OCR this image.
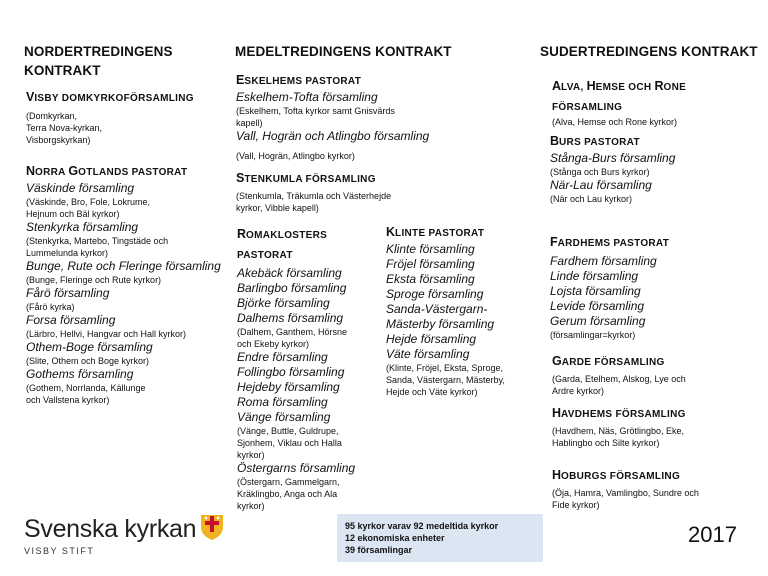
NORDERTREDINGENS
KONTRAKT
MEDELTREDINGENS KONTRAKT	SUDERTREDINGENS KONTRAKT
VISBY DOMKYRKOFÖRSAMLING
(Domkyrkan,
Terra Nova-kyrkan,
Visborgskyrkan)
NORRA GOTLANDS PASTORAT
Väskinde församling
(Väskinde, Bro, Fole, Lokrume,
Hejnum och Bäl kyrkor)
Stenkyrka församling
(Stenkyrka, Martebo, Tingstäde och
Lummelunda kyrkor)
Bunge, Rute och Fleringe församling
(Bunge, Fleringe och Rute kyrkor)
Fårö församling
(Fårö kyrka)
Forsa församling
(Lärbro, Hellvi, Hangvar och Hall kyrkor)
Othem-Boge församling
(Slite, Othem och Boge kyrkor)
Gothems församling
(Gothem, Norrlanda, Källunge
och Vallstena kyrkor)
ESKELHEMS PASTORAT
Eskelhem-Tofta församling
(Eskelhem, Tofta kyrkor samt Gnisvärds
kapell)
Vall, Hogrän och Atlingbo församling
(Vall, Hogrän, Atlingbo kyrkor)
STENKUMLA FÖRSAMLING
(Stenkumla, Träkumla och Västerhejde
kyrkor, Vibble kapell)
ROMAKLOSTERS
PASTORAT
Akebäck församling
Barlingbo församling
Björke församling
Dalhems församling
(Dalhem, Ganthem, Hörsne
och Ekeby kyrkor)
Endre församling
Follingbo församling
Hejdeby församling
Roma församling
Vänge församling
(Vänge, Buttle, Guldrupe,
Sjonhem, Viklau och Halla
kyrkor)
Östergarns församling
(Östergarn, Gammelgarn,
Kräklingbo, Anga och Ala
kyrkor)
KLINTE PASTORAT
Klinte församling
Fröjel församling
Eksta församling
Sproge församling
Sanda-Västergarn-
Mästerby församling
Hejde församling
Väte församling
(Klinte, Fröjel, Eksta, Sproge,
Sanda, Västergarn, Mästerby,
Hejde och Väte kyrkor)
ALVA, HEMSE OCH RONE
FÖRSAMLING
(Alva, Hemse och Rone kyrkor)
BURS PASTORAT
Stånga-Burs församling
(Stånga och Burs kyrkor)
När-Lau församling
(När och Lau kyrkor)
FARDHEMS PASTORAT
Fardhem församling
Linde församling
Lojsta församling
Levide församling
Gerum församling
(församlingar=kyrkor)
GARDE FÖRSAMLING
(Garda, Etelhem, Alskog, Lye och
Ardre kyrkor)
HAVDHEMS FÖRSAMLING
(Havdhem, Näs, Grötlingbo, Eke,
Hablingbo och Silte kyrkor)
HOBURGS FÖRSAMLING
(Öja, Hamra, Vamlingbo, Sundre och
Fide kyrkor)
95 kyrkor varav 92 medeltida kyrkor
12 ekonomiska enheter
39 församlingar
2017
Svenska kyrkan
VISBY STIFT
